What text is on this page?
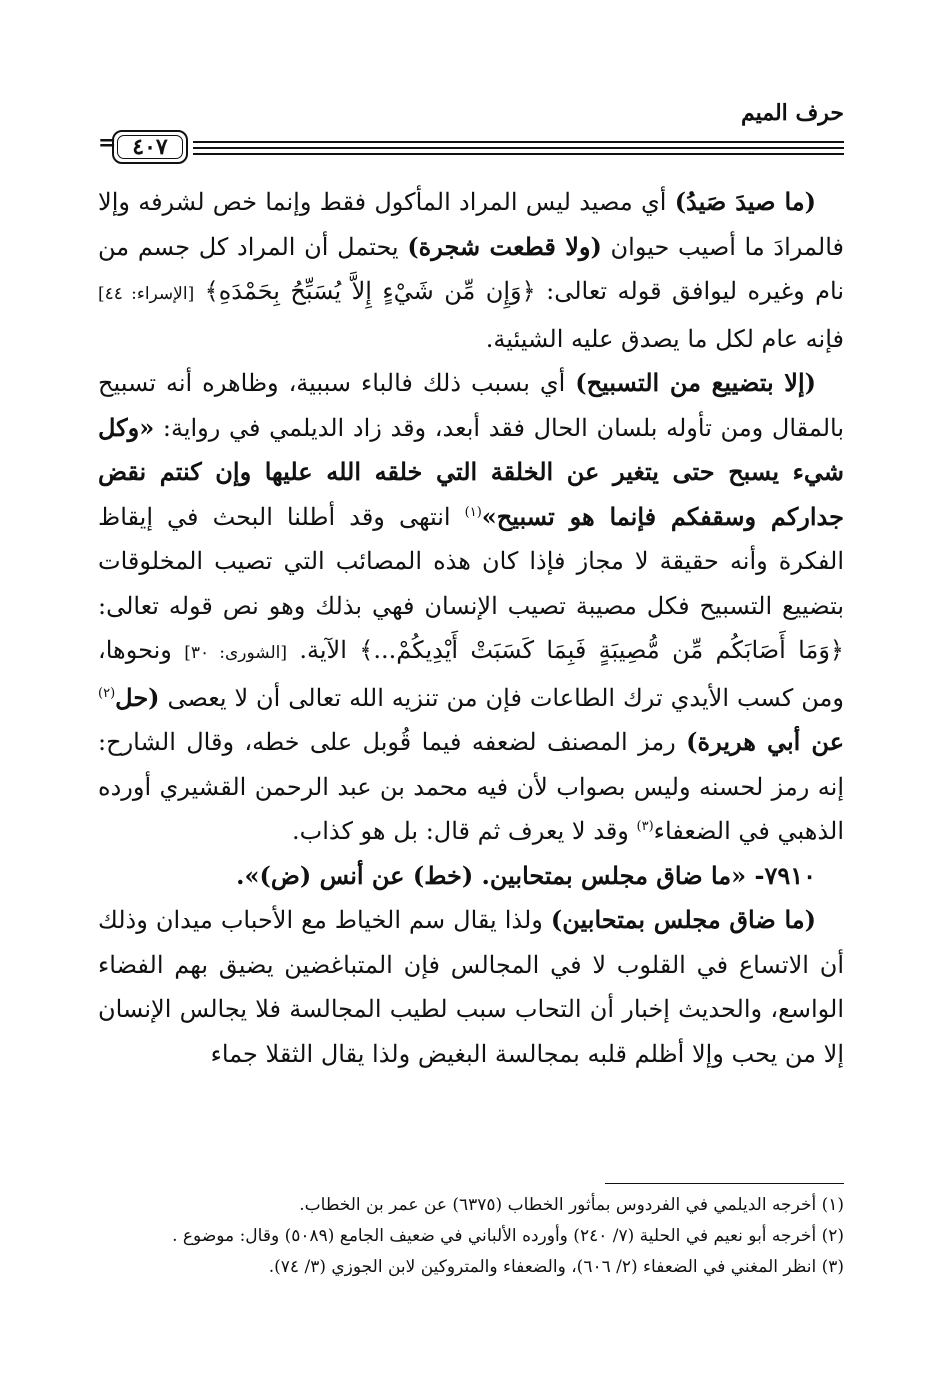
حرف الميم
٤٠٧
=

(ما صيدَ صَيدُ) أي مصيد ليس المراد المأكول فقط وإنما خص لشرفه وإلا فالمرادَ ما أصيب حيوان (ولا قطعت شجرة) يحتمل أن المراد كل جسم من نام وغيره ليوافق قوله تعالى: ﴿وَإِن مِّن شَيْءٍ إِلاَّ يُسَبِّحُ بِحَمْدَهِ﴾ [الإسراء: ٤٤] فإنه عام لكل ما يصدق عليه الشيئية.

(إلا بتضييع من التسبيح) أي بسبب ذلك فالباء سببية، وظاهره أنه تسبيح بالمقال ومن تأوله بلسان الحال فقد أبعد، وقد زاد الديلمي في رواية: «وكل شيء يسبح حتى يتغير عن الخلقة التي خلقه الله عليها وإن كنتم نقض جداركم وسقفكم فإنما هو تسبيح»$^{(١)}$ انتهى وقد أطلنا البحث في إيقاظ الفكرة وأنه حقيقة لا مجاز فإذا كان هذه المصائب التي تصيب المخلوقات بتضييع التسبيح فكل مصيبة تصيب الإنسان فهي بذلك وهو نص قوله تعالى: ﴿وَمَا أَصَابَكُم مِّن مُّصِيبَةٍ فَبِمَا كَسَبَتْ أَيْدِيكُمْ...﴾ الآية. [الشورى: ٣٠] ونحوها، ومن كسب الأيدي ترك الطاعات فإن من تنزيه الله تعالى أن لا يعصى (حل$^{(٢)}$ عن أبي هريرة) رمز المصنف لضعفه فيما قُوبل على خطه، وقال الشارح: إنه رمز لحسنه وليس بصواب لأن فيه محمد بن عبد الرحمن القشيري أورده الذهبي في الضعفاء$^{(٣)}$ وقد لا يعرف ثم قال: بل هو كذاب.

٧٩١٠- «ما ضاق مجلس بمتحابين. (خط) عن أنس (ض)».

(ما ضاق مجلس بمتحابين) ولذا يقال سم الخياط مع الأحباب ميدان وذلك أن الاتساع في القلوب لا في المجالس فإن المتباغضين يضيق بهم الفضاء الواسع، والحديث إخبار أن التحاب سبب لطيب المجالسة فلا يجالس الإنسان إلا من يحب وإلا أظلم قلبه بمجالسة البغيض ولذا يقال الثقلا جماء

(١) أخرجه الديلمي في الفردوس بمأثور الخطاب (٦٣٧٥) عن عمر بن الخطاب.
(٢) أخرجه أبو نعيم في الحلية (٧/ ٢٤٠) وأورده الألباني في ضعيف الجامع (٥٠٨٩) وقال: موضوع .
(٣) انظر المغني في الضعفاء (٢/ ٦٠٦)، والضعفاء والمتروكين لابن الجوزي (٣/ ٧٤).
